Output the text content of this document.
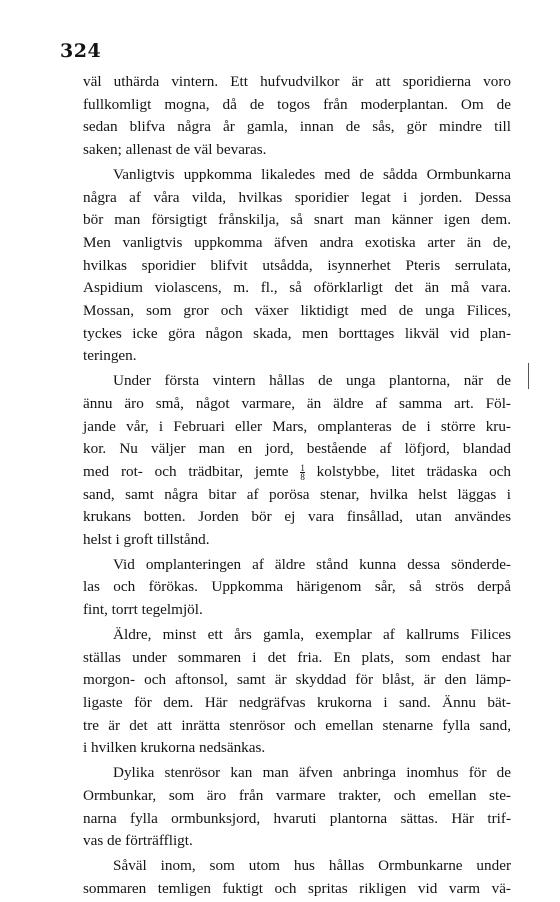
324
väl uthärda vintern. Ett hufvudvilkor är att sporidierna voro
fullkomligt mogna, då de togos från moderplantan. Om de
sedan blifva några år gamla, innan de sås, gör mindre till
saken; allenast de väl bevaras.
Vanligtvis uppkomma likaledes med de sådda Ormbunkarna
några af våra vilda, hvilkas sporidier legat i jorden. Dessa
bör man försigtigt frånskilja, så snart man känner igen dem.
Men vanligtvis uppkomma äfven andra exotiska arter än de,
hvilkas sporidier blifvit utsådda, isynnerhet Pteris serrulata,
Aspidium violascens, m. fl., så oförklarligt det än må vara.
Mossan, som gror och växer liktidigt med de unga Filices,
tyckes icke göra någon skada, men borttages likväl vid plan-
teringen.
Under första vintern hållas de unga plantorna, när de
ännu äro små, något varmare, än äldre af samma art. Föl-
jande vår, i Februari eller Mars, omplanteras de i större kru-
kor. Nu väljer man en jord, bestående af löfjord, blandad
med rot- och trädbitar, jemte $\frac{1}{8}$ kolstybbe, litet trädaska och
sand, samt några bitar af porösa stenar, hvilka helst läggas i
krukans botten. Jorden bör ej vara finsållad, utan användes
helst i groft tillstånd.
Vid omplanteringen af äldre stånd kunna dessa sönderde-
las och förökas. Uppkomma härigenom sår, så strös derpå
fint, torrt tegelmjöl.
Äldre, minst ett års gamla, exemplar af kallrums Filices
ställas under sommaren i det fria. En plats, som endast har
morgon- och aftonsol, samt är skyddad för blåst, är den lämp-
ligaste för dem. Här nedgräfvas krukorna i sand. Ännu bät-
tre är det att inrätta stenrösor och emellan stenarne fylla sand,
i hvilken krukorna nedsänkas.
Dylika stenrösor kan man äfven anbringa inomhus för de
Ormbunkar, som äro från varmare trakter, och emellan ste-
narna fylla ormbunksjord, hvaruti plantorna sättas. Här trif-
vas de förträffligt.
Såväl inom, som utom hus hållas Ormbunkarne under
sommaren temligen fuktigt och spritas rikligen vid varm vä-
